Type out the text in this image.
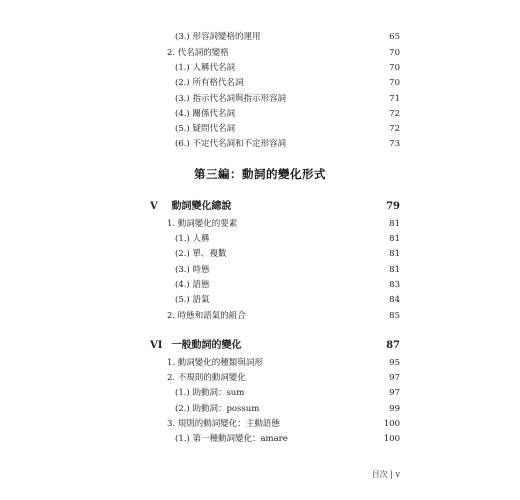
(3.) 形容詞變格的運用	65
2. 代名詞的變格	70
(1.) 人稱代名詞	70
(2.) 所有格代名詞	70
(3.) 指示代名詞與指示形容詞	71
(4.) 關係代名詞	72
(5.) 疑問代名詞	72
(6.) 不定代名詞和不定形容詞	73
第三編：動詞的變化形式
V 動詞變化總說	79
1. 動詞變化的要素	81
(1.) 人稱	81
(2.) 單、複數	81
(3.) 時態	81
(4.) 語態	83
(5.) 語氣	84
2. 時態和語氣的組合	85
VI 一般動詞的變化	87
1. 動詞變化的種類與詞形	95
2. 不規則的動詞變化	97
(1.) 助動詞：sum	97
(2.) 助動詞：possum	99
3. 規則的動詞變化：主動語態	100
(1.) 第一種動詞變化：amare	100
目次 | v
